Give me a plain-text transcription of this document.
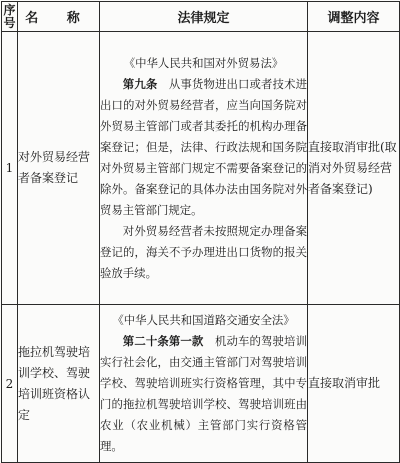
序号	名 称	法律规定	调整内容
1	对外贸易经营者备案登记	《中华人民共和国对外贸易法》
第九条　 从事货物进出口或者技术进出口的对外贸易经营者，应当向国务院对外贸易主管部门或者其委托的机构办理备案登记；但是，法律、行政法规和国务院对外贸易主管部门规定不需要备案登记的除外。备案登记的具体办法由国务院对外贸易主管部门规定。
对外贸易经营者未按照规定办理备案登记的，海关不予办理进出口货物的报关验放手续。	直接取消审批(取消对外贸易经营者备案登记)
2	拖拉机驾驶培训学校、驾驶培训班资格认定	《中华人民共和国道路交通安全法》
第二十条第一款　 机动车的驾驶培训实行社会化，由交通主管部门对驾驶培训学校、驾驶培训班实行资格管理，其中专门的拖拉机驾驶培训学校、驾驶培训班由农业（农业机械）主管部门实行资格管理。	直接取消审批
